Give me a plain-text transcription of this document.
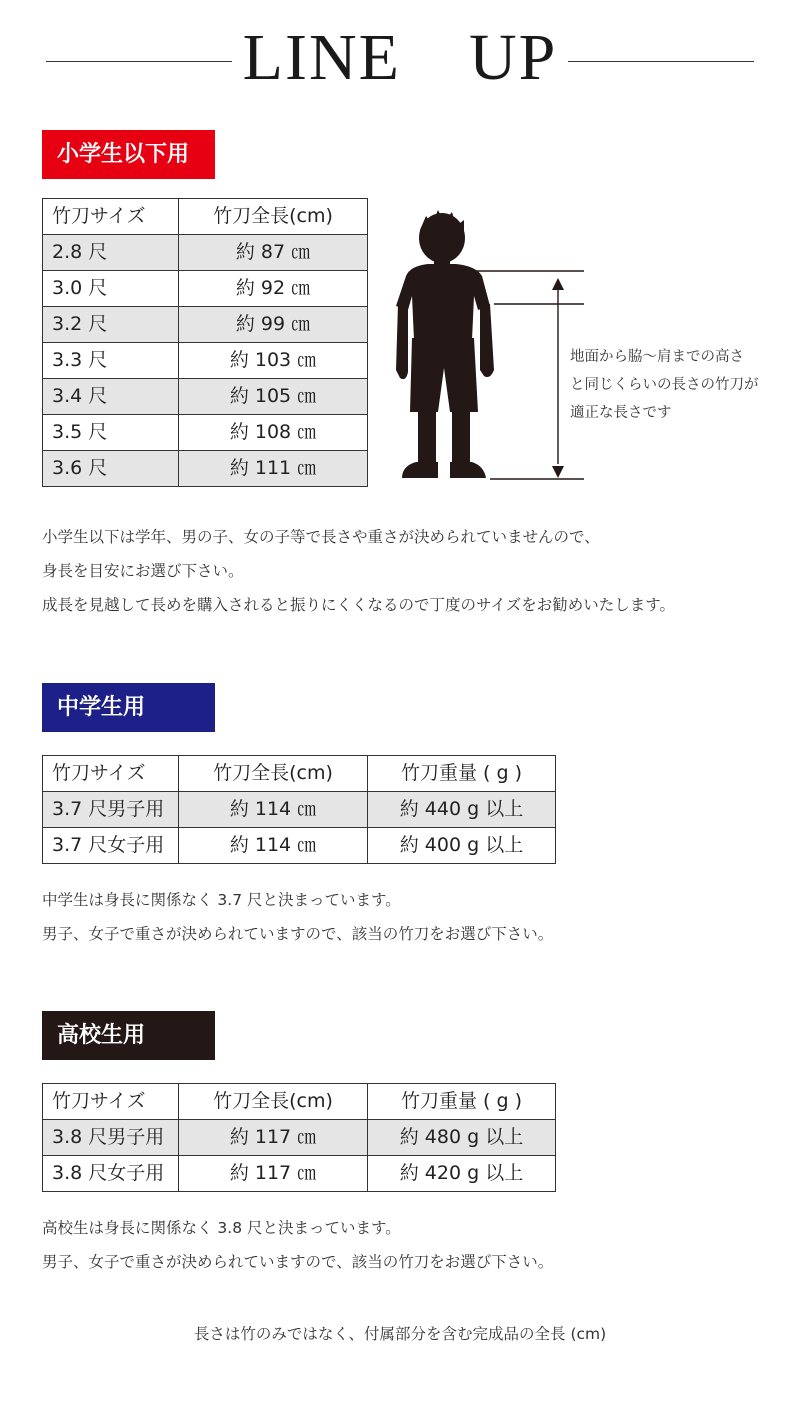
LINE　UP
小学生以下用
竹刀サイズ	竹刀全長(cm)
2.8 尺	約 87 ㎝
3.0 尺	約 92 ㎝
3.2 尺	約 99 ㎝
3.3 尺	約 103 ㎝
3.4 尺	約 105 ㎝
3.5 尺	約 108 ㎝
3.6 尺	約 111 ㎝

地面から脇～肩までの高さ

と同じくらいの長さの竹刀が

適正な長さです

小学生以下は学年、男の子、女の子等で長さや重さが決められていませんので、

身長を目安にお選び下さい。

成長を見越して長めを購入されると振りにくくなるので丁度のサイズをお勧めいたします。

中学生用
竹刀サイズ	竹刀全長(cm)	竹刀重量 ( g )
3.7 尺男子用	約 114 ㎝	約 440 g 以上
3.7 尺女子用	約 114 ㎝	約 400 g 以上

中学生は身長に関係なく 3.7 尺と決まっています。

男子、女子で重さが決められていますので、該当の竹刀をお選び下さい。

高校生用
竹刀サイズ	竹刀全長(cm)	竹刀重量 ( g )
3.8 尺男子用	約 117 ㎝	約 480 g 以上
3.8 尺女子用	約 117 ㎝	約 420 g 以上

高校生は身長に関係なく 3.8 尺と決まっています。

男子、女子で重さが決められていますので、該当の竹刀をお選び下さい。

長さは竹のみではなく、付属部分を含む完成品の全長 (cm)
